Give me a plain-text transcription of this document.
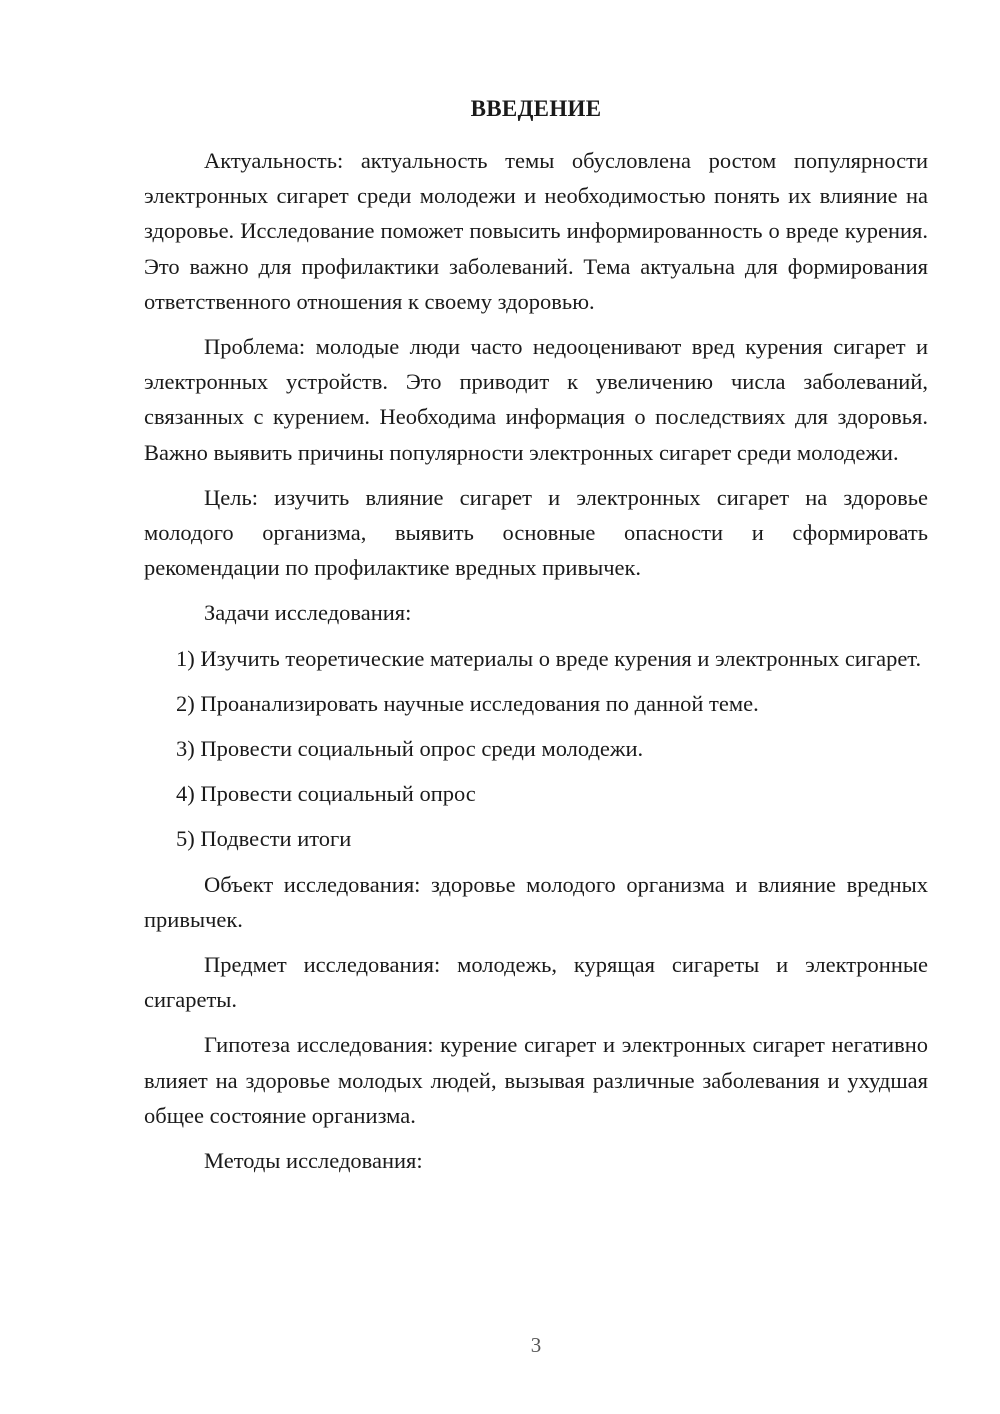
ВВЕДЕНИЕ

Актуальность: актуальность темы обусловлена ростом популярности электронных сигарет среди молодежи и необходимостью понять их влияние на здоровье. Исследование поможет повысить информированность о вреде курения. Это важно для профилактики заболеваний. Тема актуальна для формирования ответственного отношения к своему здоровью.

Проблема: молодые люди часто недооценивают вред курения сигарет и электронных устройств. Это приводит к увеличению числа заболеваний, связанных с курением. Необходима информация о последствиях для здоровья. Важно выявить причины популярности электронных сигарет среди молодежи.

Цель: изучить влияние сигарет и электронных сигарет на здоровье молодого организма, выявить основные опасности и сформировать рекомендации по профилактике вредных привычек.

Задачи исследования:

1) Изучить теоретические материалы о вреде курения и электронных сигарет.

2) Проанализировать научные исследования по данной теме.

3) Провести социальный опрос среди молодежи.

4) Провести социальный опрос

5) Подвести итоги

Объект исследования: здоровье молодого организма и влияние вредных привычек.

Предмет исследования: молодежь, курящая сигареты и электронные сигареты.

Гипотеза исследования: курение сигарет и электронных сигарет негативно влияет на здоровье молодых людей, вызывая различные заболевания и ухудшая общее состояние организма.

Методы исследования:

3
